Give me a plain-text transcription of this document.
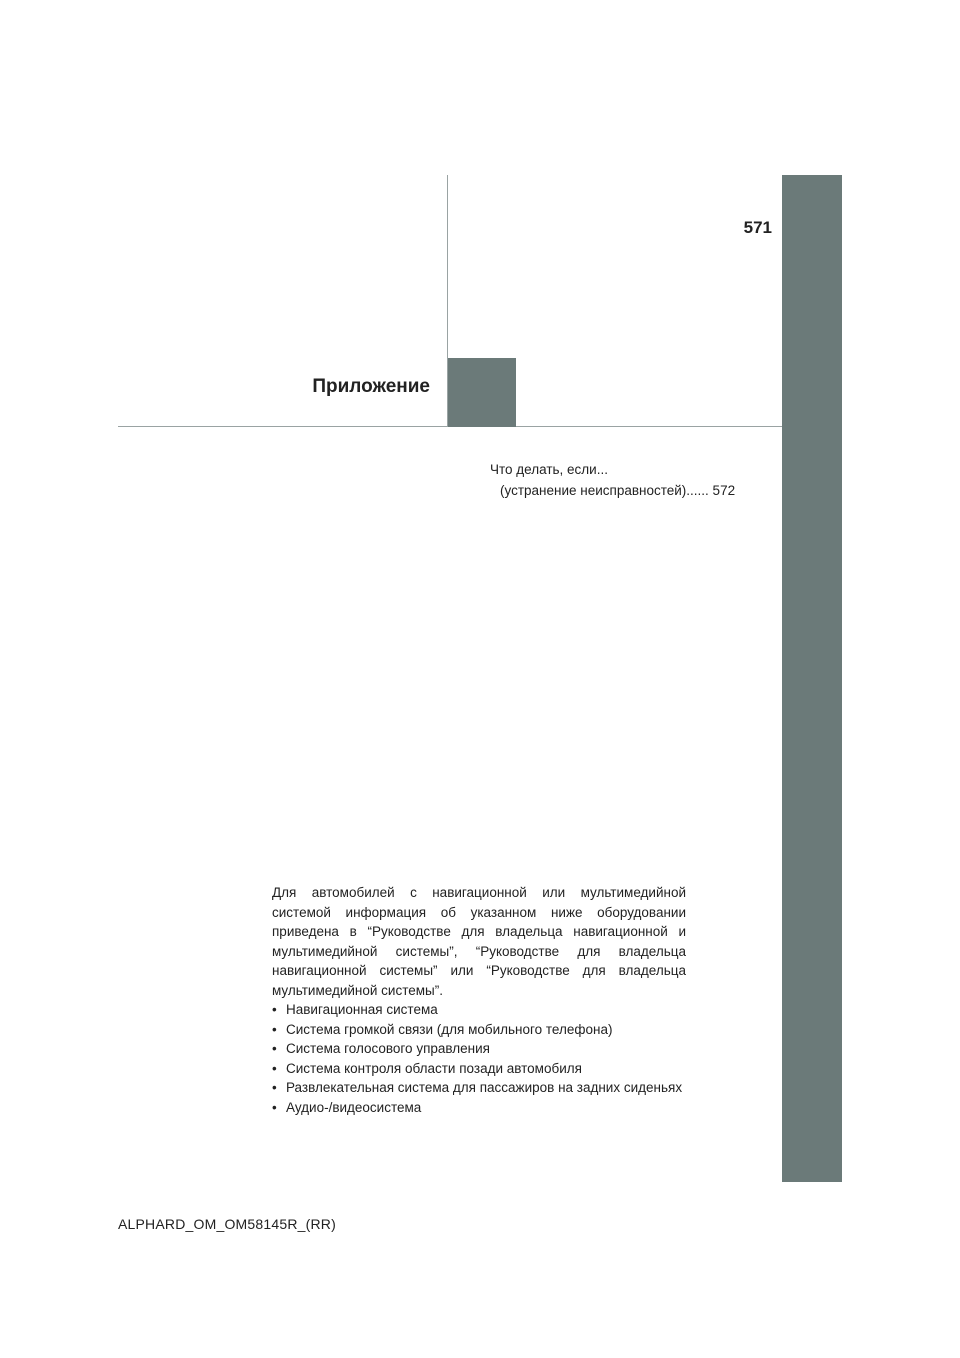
571
Приложение
Что делать, если...
(устранение неисправностей)...... 572

Для автомобилей с навигационной или мультимедийной системой информация об указанном ниже оборудовании приведена в “Руководстве для владельца навигационной и мультимедийной системы”, “Руководстве для владельца навигационной системы” или “Руководстве для владельца мультимедийной системы”.

• Навигационная система
• Система громкой связи (для мобильного телефона)
• Система голосового управления
• Система контроля области позади автомобиля
• Развлекательная система для пассажиров на задних сиденьях
• Аудио-/видеосистема
ALPHARD_OM_OM58145R_(RR)
